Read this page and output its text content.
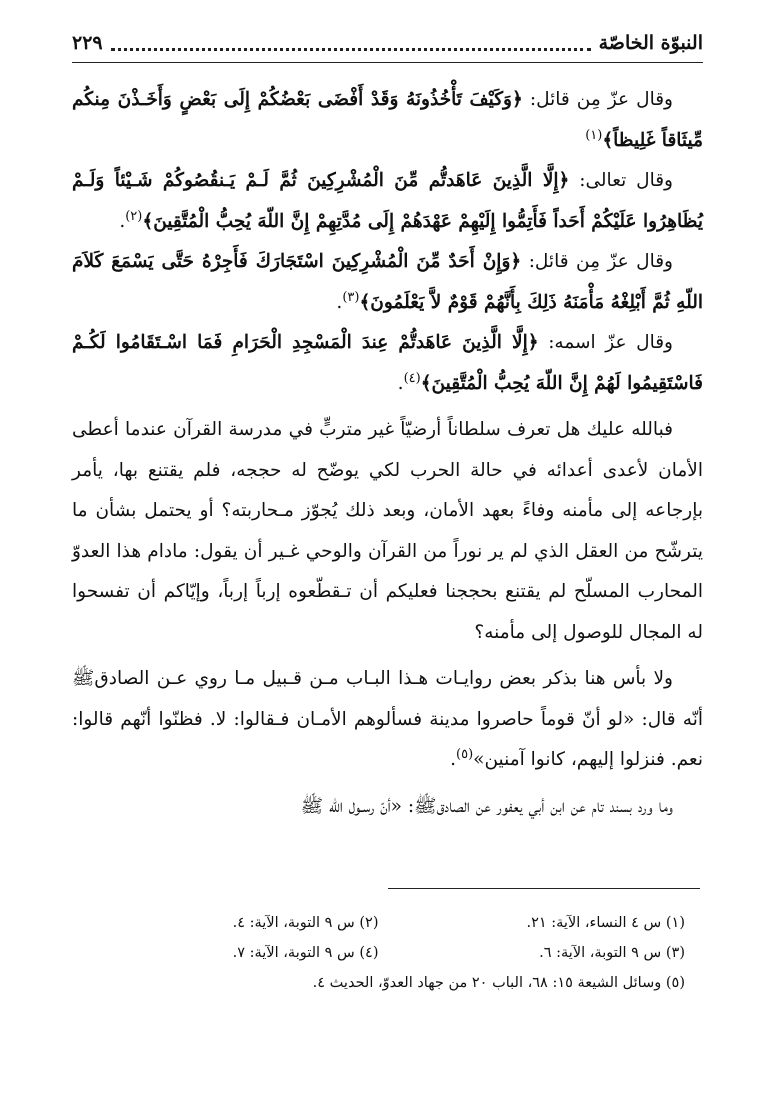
النبوّة الخاصّة
٢٢٩

وقال عزّ مِن قائل: ﴿وَكَيْفَ تَأْخُذُونَهُ وَقَدْ أَفْضَى بَعْضُكُمْ إِلَى بَعْضٍ وَأَخَـذْنَ مِنكُم مِّيثَاقاً غَلِيظاً﴾$^{(١)}$

وقال تعالى: ﴿إِلَّا الَّذِينَ عَاهَدتُّم مِّنَ الْمُشْرِكِينَ ثُمَّ لَـمْ يَـنقُصُوكُمْ شَـيْئاً وَلَـمْ يُظَاهِرُوا عَلَيْكُمْ أَحَداً فَأَتِمُّوا إِلَيْهِمْ عَهْدَهُمْ إِلَى مُدَّتِهِمْ إِنَّ اللّهَ يُحِبُّ الْمُتَّقِينَ﴾$^{(٢)}$.

وقال عزّ مِن قائل: ﴿وَإِنْ أَحَدٌ مِّنَ الْمُشْرِكِينَ اسْتَجَارَكَ فَأَجِرْهُ حَتَّى يَسْمَعَ كَلاَمَ اللّهِ ثُمَّ أَبْلِغْهُ مَأْمَنَهُ ذَلِكَ بِأَنَّهُمْ قَوْمٌ لاَّ يَعْلَمُونَ﴾$^{(٣)}$.

وقال عزّ اسمه: ﴿إِلَّا الَّذِينَ عَاهَدتُّمْ عِندَ الْمَسْجِدِ الْحَرَامِ فَمَا اسْـتَقَامُوا لَكُـمْ فَاسْتَقِيمُوا لَهُمْ إِنَّ اللّهَ يُحِبُّ الْمُتَّقِينَ﴾$^{(٤)}$.

فبالله عليك هل تعرف سلطاناً أرضيّاً غير متربٍّ في مدرسة القرآن عندما أعطى الأمان لأعدى أعدائه في حالة الحرب لكي يوضّح له حججه، فلم يقتنع بها، يأمر بإرجاعه إلى مأمنه وفاءً بعهد الأمان، وبعد ذلك يُجوّز مـحاربته؟ أو يحتمل بشأن ما يترشّح من العقل الذي لم ير نوراً من القرآن والوحي غـير أن يقول: مادام هذا العدوّ المحارب المسلّح لم يقتنع بحججنا فعليكم أن تـقطّعوه إرباً إرباً، وإيّاكم أن تفسحوا له المجال للوصول إلى مأمنه؟

ولا بأس هنا بذكر بعض روايـات هـذا البـاب مـن قـبيل مـا روي عـن الصادقﷺ أنّه قال: «لو أنّ قوماً حاصروا مدينة فسألوهم الأمـان فـقالوا: لا. فظنّوا أنّهم قالوا: نعم. فنزلوا إليهم، كانوا آمنين»$^{(٥)}$.

وما ورد بسند تام عن ابن أبي يعفور عن الصادقﷺ: «أنّ رسـول الله ﷺ

(١) س ٤ النساء، الآية: ٢١.
(٢) س ٩ التوبة، الآية: ٤.
(٣) س ٩ التوبة، الآية: ٦.
(٤) س ٩ التوبة، الآية: ٧.
(٥) وسائل الشيعة ١٥: ٦٨، الباب ٢٠ من جهاد العدوّ، الحديث ٤.
